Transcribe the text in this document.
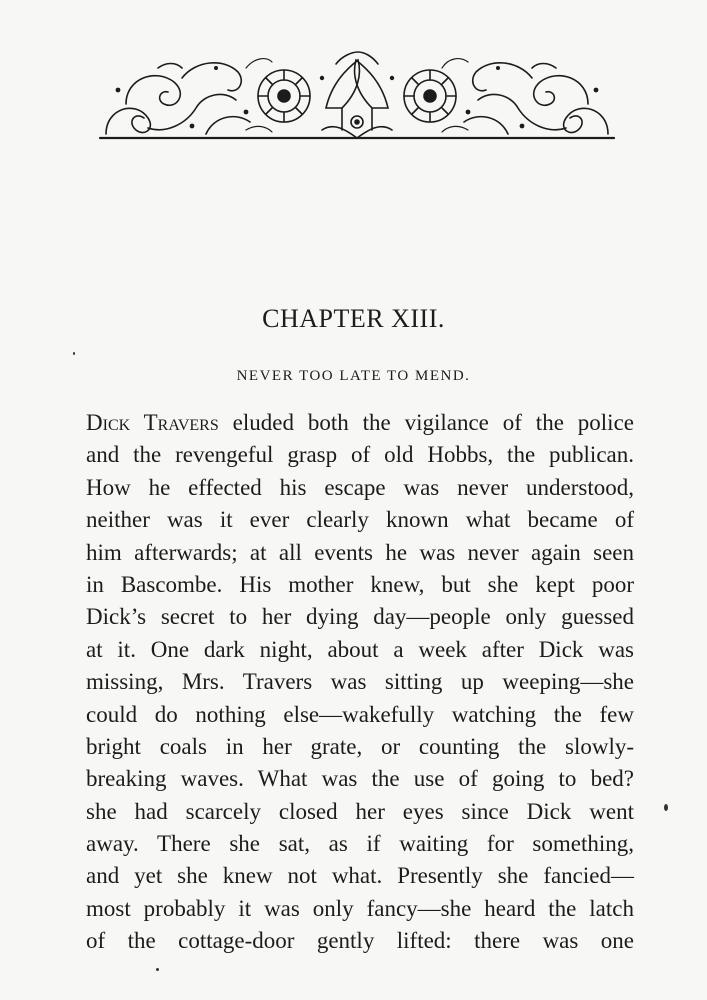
CHAPTER XIII.
NEVER TOO LATE TO MEND.
Dick Travers eluded both the vigilance of the police
and the revengeful grasp of old Hobbs, the publican.
How he effected his escape was never understood,
neither was it ever clearly known what became of
him afterwards; at all events he was never again seen
in Bascombe. His mother knew, but she kept poor
Dick’s secret to her dying day—people only guessed
at it. One dark night, about a week after Dick was
missing, Mrs. Travers was sitting up weeping—she
could do nothing else—wakefully watching the few
bright coals in her grate, or counting the slowly-
breaking waves. What was the use of going to bed?
she had scarcely closed her eyes since Dick went
away. There she sat, as if waiting for something,
and yet she knew not what. Presently she fancied—
most probably it was only fancy—she heard the latch
of the cottage-door gently lifted: there was one
